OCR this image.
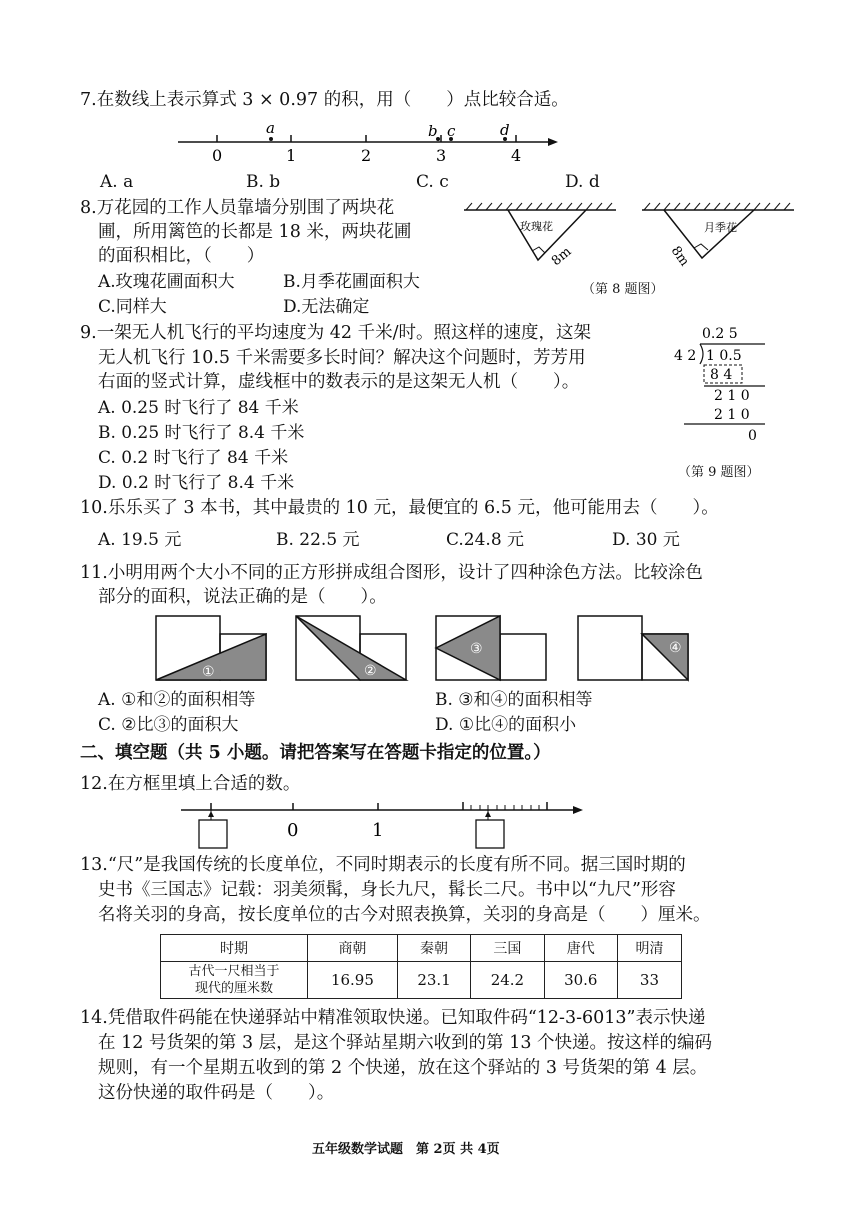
7.在数线上表示算式 3 × 0.97 的积，用（　　）点比较合适。
0	1	2	3	4
a	b c	d
A. a	B. b	C. c	D. d
8.万花园的工作人员靠墙分别围了两块花
圃，所用篱笆的长都是 18 米，两块花圃
的面积相比，（　　）
A.玫瑰花圃面积大	B.月季花圃面积大
C.同样大	D.无法确定
玫瑰花
8m
月季花
8m
（第 8 题图）
9.一架无人机飞行的平均速度为 42 千米/时。照这样的速度，这架
无人机飞行 10.5 千米需要多长时间？解决这个问题时，芳芳用
右面的竖式计算，虚线框中的数表示的是这架无人机（　　）。
A. 0.25 时飞行了 84 千米
B. 0.25 时飞行了 8.4 千米
C. 0.2 时飞行了 84 千米
D. 0.2 时飞行了 8.4 千米
0.2 5
4 2 1 0.5
8 4
2 1 0
2 1 0
0
（第 9 题图）
10.乐乐买了 3 本书，其中最贵的 10 元，最便宜的 6.5 元，他可能用去（　　）。
A. 19.5 元	B. 22.5 元	C.24.8 元	D. 30 元
11.小明用两个大小不同的正方形拼成组合图形，设计了四种涂色方法。比较涂色
部分的面积，说法正确的是（　　）。
①	②
③	④
A. ①和②的面积相等	B. ③和④的面积相等
C. ②比③的面积大	D. ①比④的面积小
二、填空题（共 5 小题。请把答案写在答题卡指定的位置。）
12.在方框里填上合适的数。
0	1
13.“尺”是我国传统的长度单位，不同时期表示的长度有所不同。据三国时期的
史书《三国志》记载：羽美须髯，身长九尺，髯长二尺。书中以“九尺”形容
名将关羽的身高，按长度单位的古今对照表换算，关羽的身高是（　　）厘米。
时期	商朝	秦朝	三国	唐代	明清

古代一尺相当于
现代的厘米数	16.95	23.1	24.2	30.6	33
14.凭借取件码能在快递驿站中精准领取快递。已知取件码“12-3-6013”表示快递
在 12 号货架的第 3 层，是这个驿站星期六收到的第 13 个快递。按这样的编码
规则，有一个星期五收到的第 2 个快递，放在这个驿站的 3 号货架的第 4 层。
这份快递的取件码是（　　）。
五年级数学试题　第 2页 共 4页
